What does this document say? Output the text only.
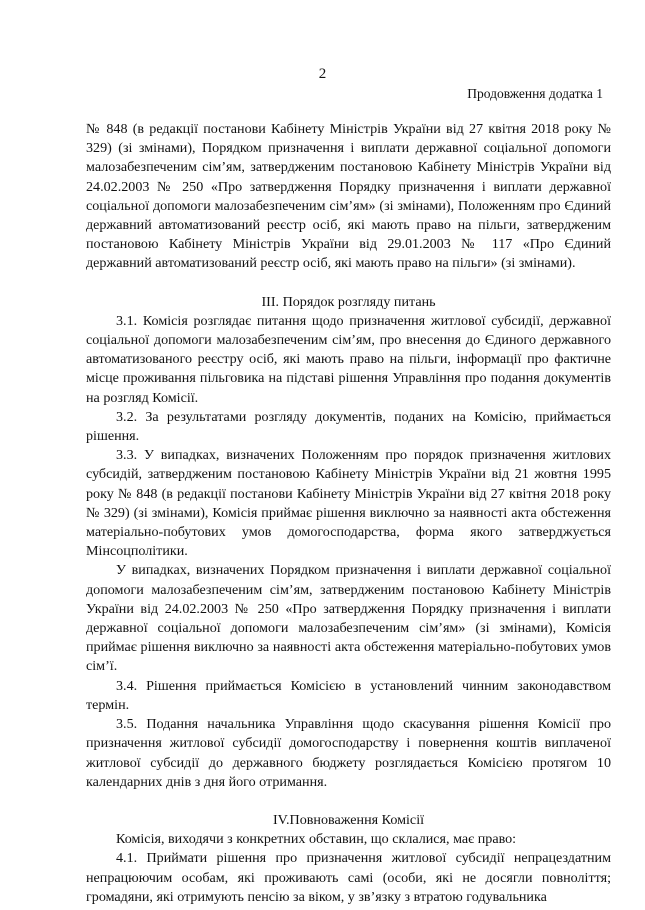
2
Продовження додатка 1

№ 848 (в редакції постанови Кабінету Міністрів України від 27 квітня 2018 року № 329) (зі змінами), Порядком призначення і виплати державної соціальної допомоги малозабезпеченим сім’ям, затвердженим постановою Кабінету Міністрів України від 24.02.2003 № 250 «Про затвердження Порядку призначення і виплати державної соціальної допомоги малозабезпеченим сім’ям» (зі змінами), Положенням про Єдиний державний автоматизований реєстр осіб, які мають право на пільги, затвердженим постановою Кабінету Міністрів України від 29.01.2003 № 117 «Про Єдиний державний автоматизований реєстр осіб, які мають право на пільги» (зі змінами).

ІІІ. Порядок розгляду питань

3.1. Комісія розглядає питання щодо призначення житлової субсидії, державної соціальної допомоги малозабезпеченим сім’ям, про внесення до Єдиного державного автоматизованого реєстру осіб, які мають право на пільги, інформації про фактичне місце проживання пільговика на підставі рішення Управління про подання документів на розгляд Комісії.

3.2. За результатами розгляду документів, поданих на Комісію, приймається рішення.

3.3. У випадках, визначених Положенням про порядок призначення житлових субсидій, затвердженим постановою Кабінету Міністрів України від 21 жовтня 1995 року № 848 (в редакції постанови Кабінету Міністрів України від 27 квітня 2018 року № 329) (зі змінами), Комісія приймає рішення виключно за наявності акта обстеження матеріально-побутових умов домогосподарства, форма якого затверджується Мінсоцполітики.

У випадках, визначених Порядком призначення і виплати державної соціальної допомоги малозабезпеченим сім’ям, затвердженим постановою Кабінету Міністрів України від 24.02.2003 № 250 «Про затвердження Порядку призначення і виплати державної соціальної допомоги малозабезпеченим сім’ям» (зі змінами), Комісія приймає рішення виключно за наявності акта обстеження матеріально-побутових умов сім’ї.

3.4. Рішення приймається Комісією в установлений чинним законодавством термін.

3.5. Подання начальника Управління щодо скасування рішення Комісії про призначення житлової субсидії домогосподарству і повернення коштів виплаченої житлової субсидії до державного бюджету розглядається Комісією протягом 10 календарних днів з дня його отримання.

IV.Повноваження Комісії

Комісія, виходячи з конкретних обставин, що склалися, має право:

4.1. Приймати рішення про призначення житлової субсидії непрацездатним непрацюючим особам, які проживають самі (особи, які не досягли повноліття; громадяни, які отримують пенсію за віком, у зв’язку з втратою годувальника
